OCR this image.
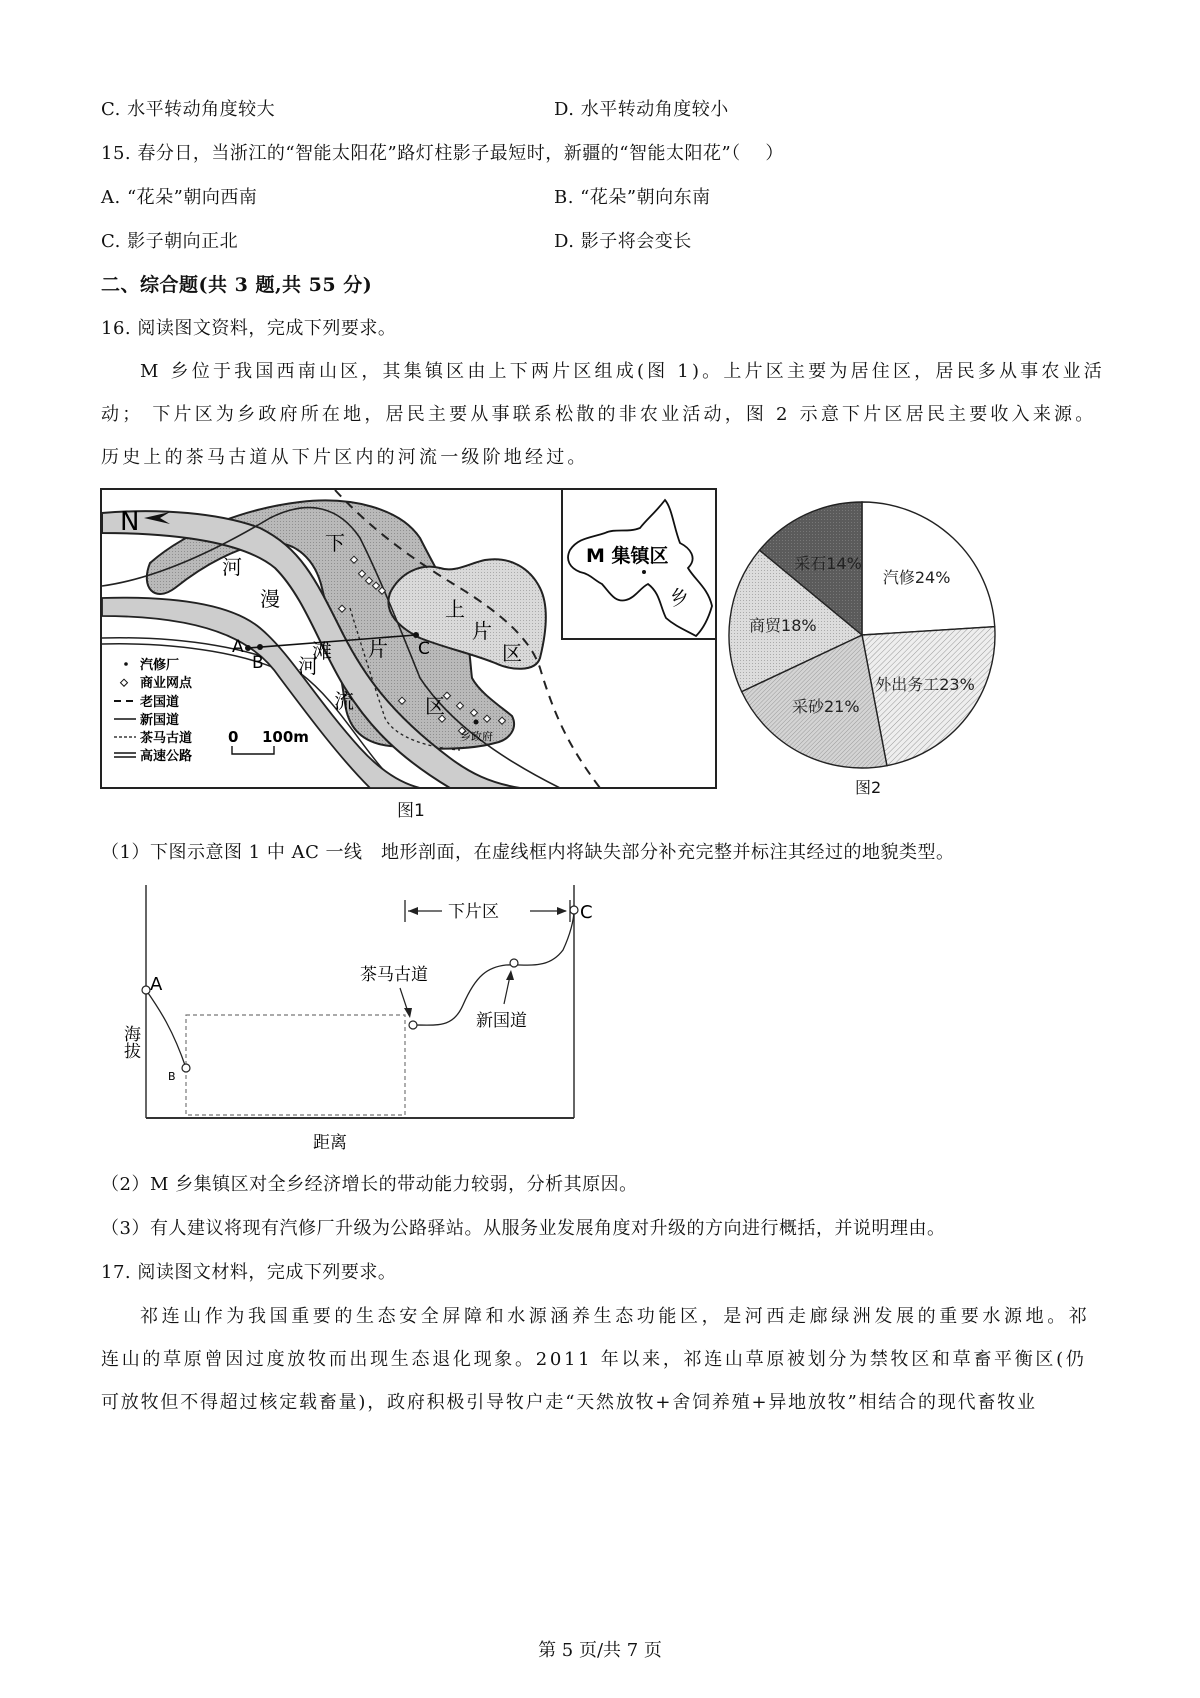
C. 水平转动角度较大	D. 水平转动角度较小
15. 春分日，当浙江的“智能太阳花”路灯柱影子最短时，新疆的“智能太阳花”（　 ）
A. “花朵”朝向西南	B. “花朵”朝向东南
C. 影子朝向正北	D. 影子将会变长
二、综合题(共 3 题,共 55 分)
16. 阅读图文资料，完成下列要求。
M 乡位于我国西南山区，其集镇区由上下两片区组成(图 1)。上片区主要为居住区，居民多从事农业活
动； 下片区为乡政府所在地，居民主要从事联系松散的非农业活动，图 2 示意下片区居民主要收入来源。
历史上的茶马古道从下片区内的河流一级阶地经过。
N
河
漫
滩
河
流
下
片
区
上
片
区
A
B
C
乡政府
汽修厂
商业网点
老国道
新国道
茶马古道
高速公路
0 100m
M 集镇区
乡
图1
汽修24%
外出务工23%
采砂21%
商贸18%
采石14%
图2
（1）下图示意图 1 中 AC 一线　地形剖面，在虚线框内将缺失部分补充完整并标注其经过的地貌类型。
海拔
距离
A
B
C
下片区
茶马古道
新国道
（2）M 乡集镇区对全乡经济增长的带动能力较弱，分析其原因。
（3）有人建议将现有汽修厂升级为公路驿站。从服务业发展角度对升级的方向进行概括，并说明理由。
17. 阅读图文材料，完成下列要求。
祁连山作为我国重要的生态安全屏障和水源涵养生态功能区，是河西走廊绿洲发展的重要水源地。祁
连山的草原曾因过度放牧而出现生态退化现象。2011 年以来，祁连山草原被划分为禁牧区和草畜平衡区(仍
可放牧但不得超过核定载畜量)，政府积极引导牧户走“天然放牧+舍饲养殖+异地放牧”相结合的现代畜牧业
第 5 页/共 7 页
